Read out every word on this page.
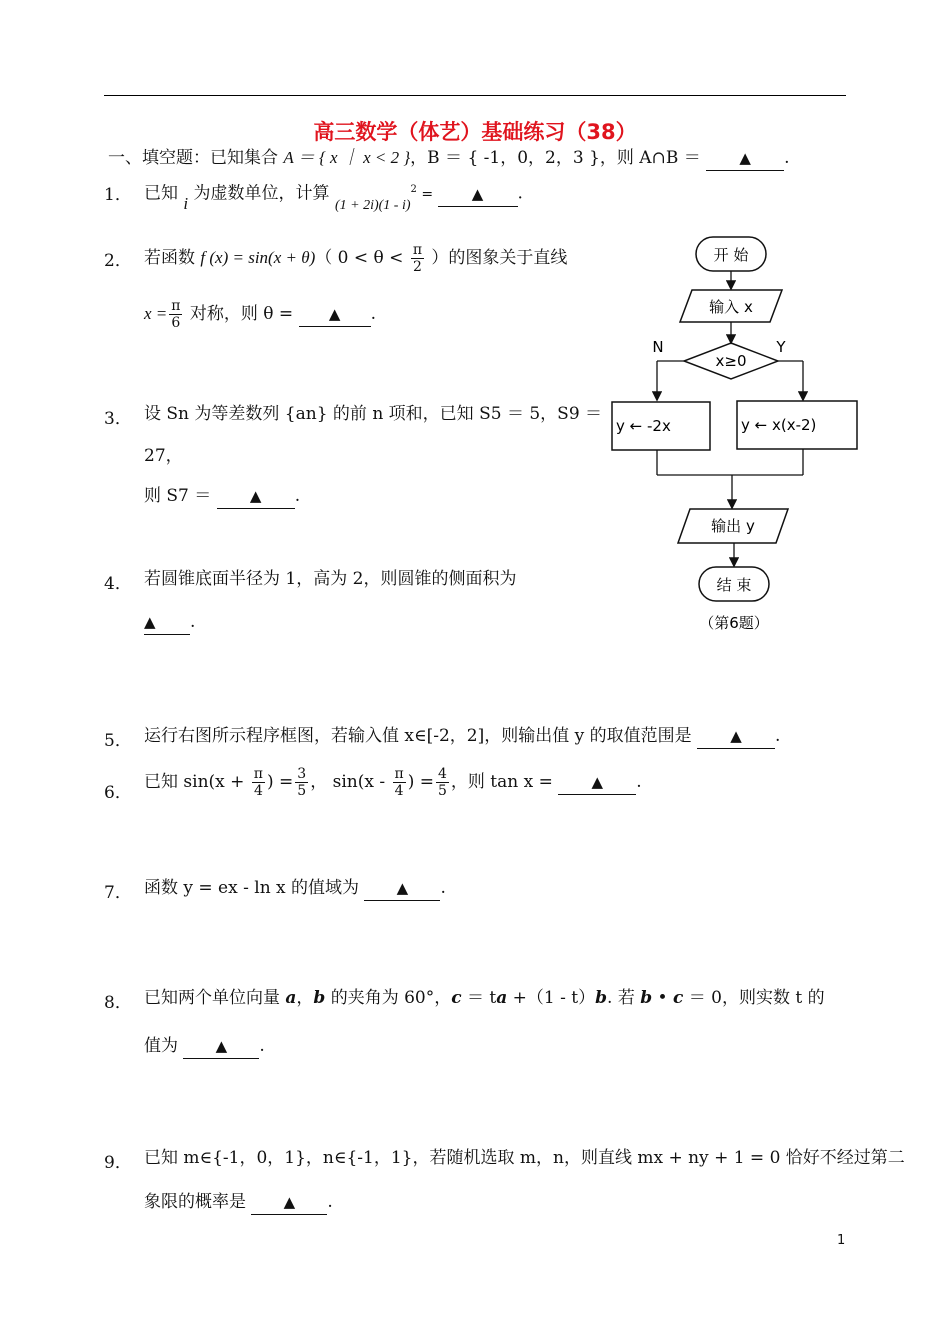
高三数学（体艺）基础练习（38）
一、填空题：已知集合 A ＝ { x ｜ x < 2 }，B ＝ { -1，0，2，3 }，则 A∩B ＝	▲ .
1． 已知 i 为虚数单位，计算 $_{(1 + 2i)(1 - i)}^2$ = ▲ .
2． 若函数 f (x) = sin(x + θ)（ $0 < \theta < \frac{\pi}{2}$ ）的图象关于直线
$x = \frac{\pi}{6}$ 对称，则 θ = ▲ .
3． 设 Sn 为等差数列 {an} 的前 n 项和，已知 S5 ＝ 5，S9 ＝
27，
则 S7 ＝	▲ .
4． 若圆锥底面半径为 1，高为 2，则圆锥的侧面积为
▲ .
5． 运行右图所示程序框图，若输入值 x∈[-2，2]，则输出值 y 的取值范围是	▲ .
6．
已知 $\sin(x + \frac{\pi}{4}$ ) = $\frac{3}{5}$ ， $\sin(x - \frac{\pi}{4}$ ) = $\frac{4}{5}$ ，则 tan x =	▲ .
7． 函数 y = ex - ln x 的值域为	▲ .
8． 已知两个单位向量 a，b 的夹角为 60°，c ＝ ta +（1 - t）b. 若 b • c ＝ 0，则实数 t 的
值为	▲ .
9． 已知 m∈{-1，0，1}，n∈{-1，1}，若随机选取 m，n，则直线 mx + ny + 1 = 0 恰好不经过第二
象限的概率是	▲ .
开 始
输入 x
x≥0
N	Y
y ← -2x	y ← x(x-2)
输出 y
结 束
（第6题）
1
